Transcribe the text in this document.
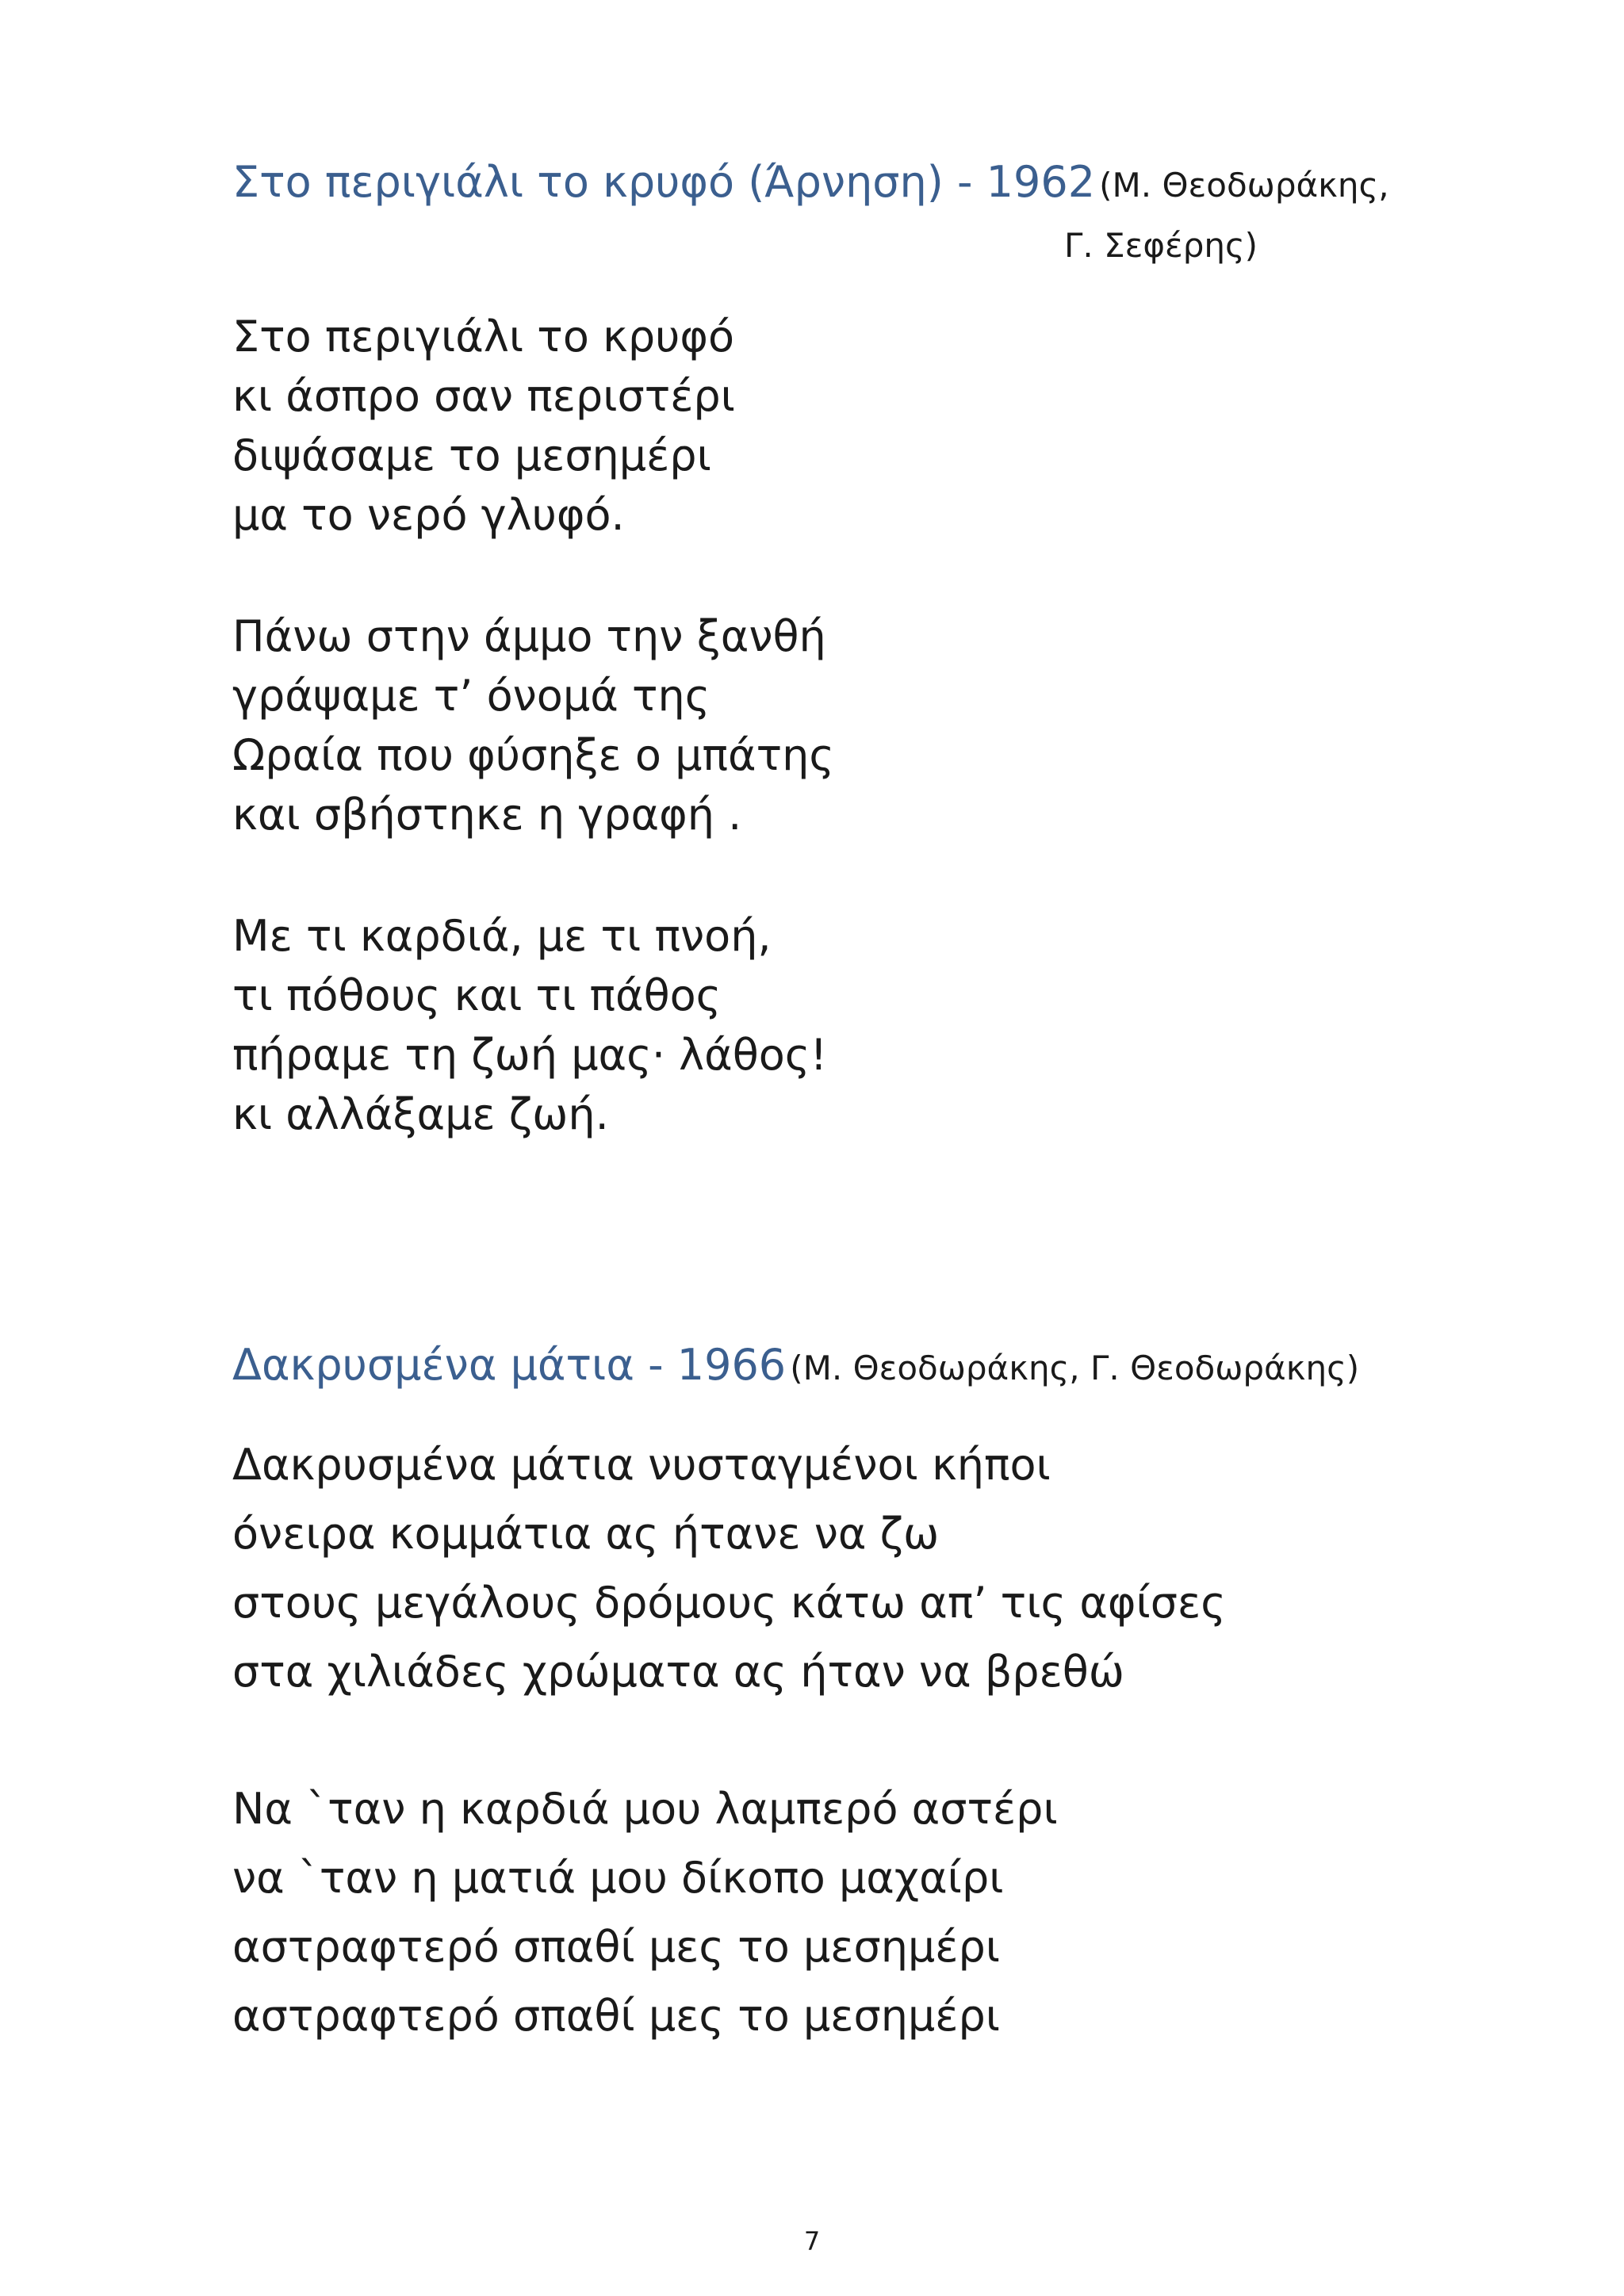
Στο περιγιάλι το κρυφό (Άρνηση) - 1962 (Μ. Θεοδωράκης,
Γ. Σεφέρης)
Στο περιγιάλι το κρυφό
κι άσπρο σαν περιστέρι
διψάσαμε το μεσημέρι
μα το νερό γλυφό.
Πάνω στην άμμο την ξανθή
γράψαμε τ’ όνομά της
Ωραία που φύσηξε ο μπάτης
και σβήστηκε η γραφή .
Με τι καρδιά, με τι πνοή,
τι πόθους και τι πάθος
πήραμε τη ζωή μας· λάθος!
κι αλλάξαμε ζωή.
Δακρυσμένα μάτια - 1966 (Μ. Θεοδωράκης, Γ. Θεοδωράκης)
Δακρυσμένα μάτια νυσταγμένοι κήποι
όνειρα κομμάτια ας ήτανε να ζω
στους μεγάλους δρόμους κάτω απ’ τις αφίσες
στα χιλιάδες χρώματα ας ήταν να βρεθώ
Να `ταν η καρδιά μου λαμπερό αστέρι
να `ταν η ματιά μου δίκοπο μαχαίρι
αστραφτερό σπαθί μες το μεσημέρι
αστραφτερό σπαθί μες το μεσημέρι
7
